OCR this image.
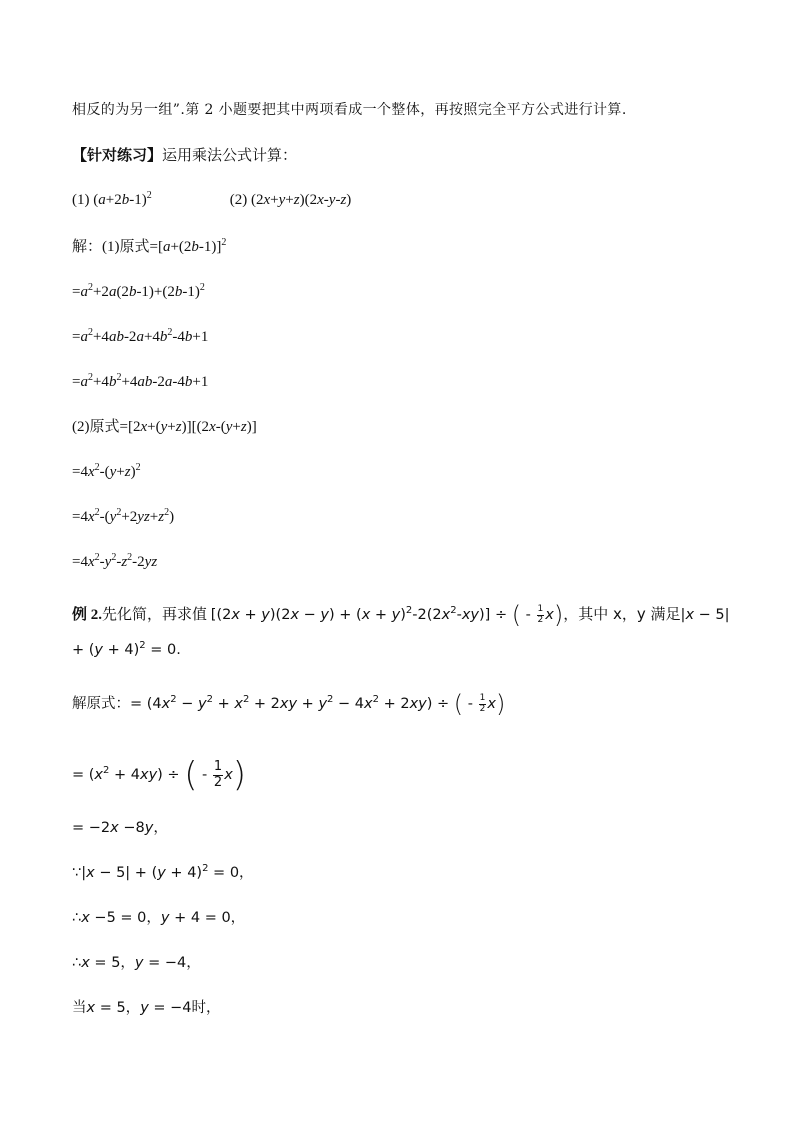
相反的为另一组”.第 2 小题要把其中两项看成一个整体，再按照完全平方公式进行计算.
【针对练习】运用乘法公式计算：
(1) $(a+2b-1)^2$	(2) (2x+y+z)(2x-y-z)
解：(1)原式$=[a+(2b-1)]^2$
$=a^2+2a(2b-1)+(2b-1)^2$
$=a^2+4ab-2a+4b^2-4b+1$
$=a^2+4b^2+4ab-2a-4b+1$
(2)原式=[2x+(y+z)][(2x-(y+z)]
$=4x^2-(y+z)^2$
$=4x^2-(y^2+2yz+z^2)$
$=4x^2-y^2-z^2-2yz$
例 2.先化简，再求值 $[(2x + y)(2x - y) + (x + y)^2-2(2x^2-xy)]$ ÷ ( - $\frac{1}{2} x$)，其中 x，y 满足|x − 5|
+ $(y + 4)^2 = 0$.
解原式：= $(4x^2 - y^2 + x^2 + 2xy + y^2 - 4x^2 + 2xy)$ ÷ ( - $\frac{1}{2} x$)
= $(x^2 + 4xy)$ ÷ ( - $\frac{1}{2} x$)
= −2x −8y，
∵|x − $5| + (y + 4)^2 = 0$，
∴x −5 = 0，y + 4 = 0，
∴x = 5，y = −4，
当x = 5，y = −4时，
